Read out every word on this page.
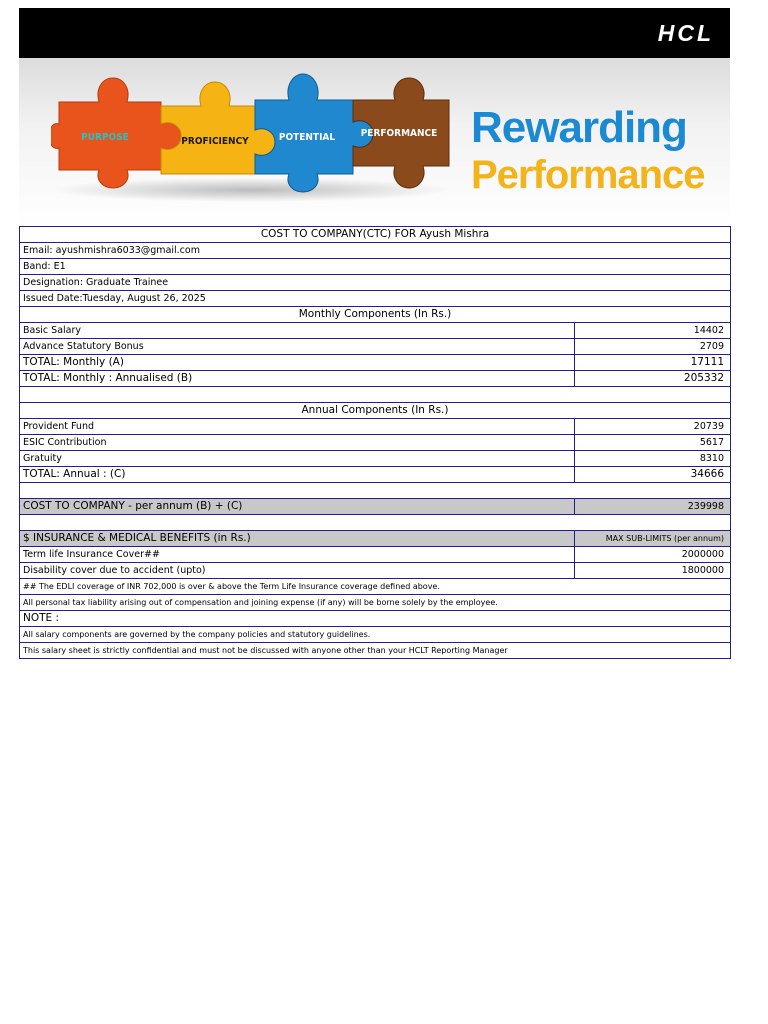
HCL
PURPOSE	PROFICIENCY	POTENTIAL	PERFORMANCE Rewarding
Performance
COST TO COMPANY(CTC) FOR Ayush Mishra	
Email: ayushmishra6033@gmail.com	
Band: E1	
Designation: Graduate Trainee	
Issued Date:Tuesday, August 26, 2025	
Monthly Components (In Rs.)	
Basic Salary	14402
Advance Statutory Bonus	2709
TOTAL: Monthly (A)	17111
TOTAL: Monthly : Annualised (B)	205332

Annual Components (In Rs.)	
Provident Fund	20739
ESIC Contribution	5617
Gratuity	8310
TOTAL: Annual : (C)	34666

COST TO COMPANY - per annum (B) + (C)	239998

$ INSURANCE & MEDICAL BENEFITS (in Rs.)	MAX SUB-LIMITS (per annum)
Term life Insurance Cover##	2000000
Disability cover due to accident (upto)	1800000
## The EDLI coverage of INR 702,000 is over & above the Term Life Insurance coverage defined above.	
All personal tax liability arising out of compensation and joining expense (if any) will be borne solely by the employee.	
NOTE :	
All salary components are governed by the company policies and statutory guidelines.	
This salary sheet is strictly confidential and must not be discussed with anyone other than your HCLT Reporting Manager	
